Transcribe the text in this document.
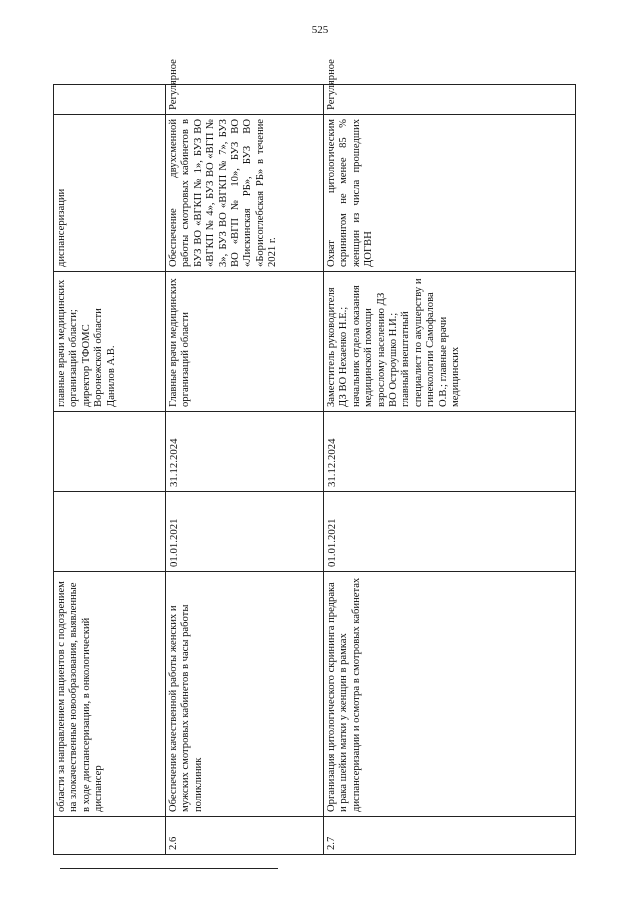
525
	области за направлением пациентов с подозрением на злокачественные новообразования, выявленные в ходе диспансеризации, в онкологический диспансер			главные врачи медицинских организаций области; директор ТФОМС Воронежской области Данилов А.В.	диспансеризации	
2.6	Обеспечение качественной работы женских и мужских смотровых кабинетов в часы работы поликлиник	01.01.2021	31.12.2024	Главные врачи медицинских организаций области	Обеспечение двухсменной работы смотровых кабинетов в БУЗ ВО «ВГКП № 1», БУЗ ВО «ВГКП № 4», БУЗ ВО «ВГП № 3», БУЗ ВО «ВГКП № 7», БУЗ ВО «ВГП № 10», БУЗ ВО «Лискинская РБ», БУЗ ВО «Борисоглебская РБ» в течение 2021 г.	Регулярное
2.7	Организация цитологического скрининга предрака и рака шейки матки у женщин в рамках диспансеризации и осмотра в смотровых кабинетах	01.01.2021	31.12.2024	Заместитель руководителя ДЗ ВО Нехаенко Н.Е.; начальник отдела оказания медицинской помощи взрослому населению ДЗ ВО Остроушко Н.И.; главный внештатный специалист по акушерству и гинекологии Самофалова О.В.; главные врачи медицинских	Охват цитологическим скринингом не менее 85 % женщин из числа прошедших ДОГВН	Регулярное
